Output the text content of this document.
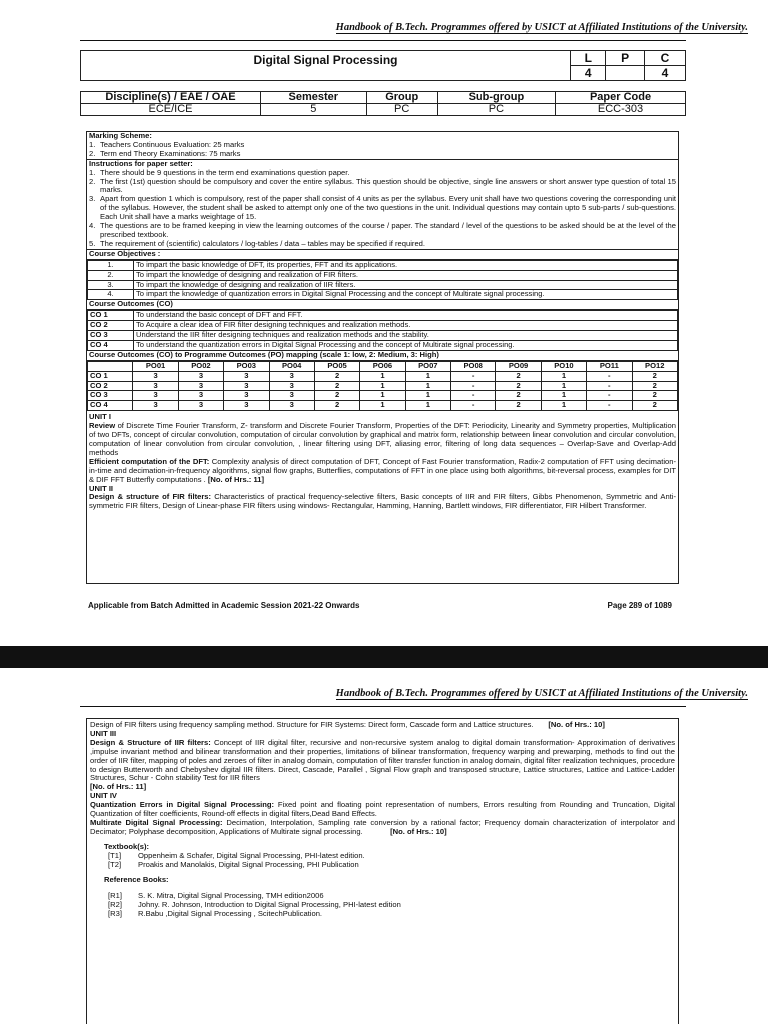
Handbook of B.Tech. Programmes offered by USICT at Affiliated Institutions of the University.
Digital Signal Processing	L	P	C
	4		4
Discipline(s) / EAE / OAE	Semester	Group	Sub-group	Paper Code
ECE/ICE	5	PC	PC	ECC-303
Marking Scheme:
1. Teachers Continuous Evaluation: 25 marks
2. Term end Theory Examinations: 75 marks
Instructions for paper setter:
1. There should be 9 questions in the term end examinations question paper.
2. The first (1st) question should be compulsory and cover the entire syllabus. This question should be objective, single line answers or short answer type question of total 15 marks.
3. Apart from question 1 which is compulsory, rest of the paper shall consist of 4 units as per the syllabus. Every unit shall have two questions covering the corresponding unit of the syllabus. However, the student shall be asked to attempt only one of the two questions in the unit. Individual questions may contain upto 5 sub-parts / sub-questions. Each Unit shall have a marks weightage of 15.
4. The questions are to be framed keeping in view the learning outcomes of the course / paper. The standard / level of the questions to be asked should be at the level of the prescribed textbook.
5. The requirement of (scientific) calculators / log-tables / data – tables may be specified if required.
Course Objectives :
1.	To impart the basic knowledge of DFT, its properties, FFT and its applications.
2.	To impart the knowledge of designing and realization of FIR filters.
3.	To impart the knowledge of designing and realization of IIR filters.
4.	To impart the knowledge of quantization errors in Digital Signal Processing and the concept of Multirate signal processing.
Course Outcomes (CO)
CO 1	To understand the basic concept of DFT and FFT.
CO 2	To Acquire a clear idea of FIR filter designing techniques and realization methods.
CO 3	Understand the IIR filter designing techniques and realization methods and the stability.
CO 4	To understand the quantization errors in Digital Signal Processing and the concept of Multirate signal processing.
Course Outcomes (CO) to Programme Outcomes (PO) mapping (scale 1: low, 2: Medium, 3: High)
	PO01	PO02	PO03	PO04	PO05	PO06	PO07	PO08	PO09	PO10	PO11	PO12
CO 1	3	3	3	3	2	1	1	-	2	1	-	2
CO 2	3	3	3	3	2	1	1	-	2	1	-	2
CO 3	3	3	3	3	2	1	1	-	2	1	-	2
CO 4	3	3	3	3	2	1	1	-	2	1	-	2
UNIT I
Review of Discrete Time Fourier Transform, Z- transform and Discrete Fourier Transform, Properties of the DFT: Periodicity, Linearity and Symmetry properties, Multiplication of two DFTs, concept of circular convolution, computation of circular convolution by graphical and matrix form, relationship between linear convolution and circular convolution, computation of linear convolution from circular convolution, , linear filtering using DFT, aliasing error, filtering of long data sequences – Overlap-Save and Overlap-Add methods
Efficient computation of the DFT: Complexity analysis of direct computation of DFT, Concept of Fast Fourier transformation, Radix-2 computation of FFT using decimation-in-time and decimation-in-frequency algorithms, signal flow graphs, Butterflies, computations of FFT in one place using both algorithms, bit-reversal process, examples for DIT & DIF FFT Butterfly computations . [No. of Hrs.: 11]
UNIT II
Design & structure of FIR filters: Characteristics of practical frequency-selective filters, Basic concepts of IIR and FIR filters, Gibbs Phenomenon, Symmetric and Anti-symmetric FIR filters, Design of Linear-phase FIR filters using windows- Rectangular, Hamming, Hanning, Bartlett windows, FIR differentiator, FIR Hilbert Transformer.
Applicable from Batch Admitted in Academic Session 2021-22 Onwards	Page 289 of 1089
Handbook of B.Tech. Programmes offered by USICT at Affiliated Institutions of the University.

Design of FIR filters using frequency sampling method. Structure for FIR Systems: Direct form, Cascade form and Lattice structures. [No. of Hrs.: 10]

UNIT III

Design & Structure of IIR filters: Concept of IIR digital filter, recursive and non-recursive system analog to digital domain transformation- Approximation of derivatives ,impulse invariant method and bilinear transformation and their properties, limitations of bilinear transformation, frequency warping and prewarping, methods to find out the order of IIR filter, mapping of poles and zeroes of filter in analog domain, computation of filter transfer function in analog domain, digital filter realization techniques, procedure to design Butterworth and Chebyshev digital IIR filters. Direct, Cascade, Parallel , Signal Flow graph and transposed structure, Lattice structures, Lattice and Lattice-Ladder Structures, Schur - Cohn stability Test for IIR filters

[No. of Hrs.: 11]

UNIT IV

Quantization Errors in Digital Signal Processing: Fixed point and floating point representation of numbers, Errors resulting from Rounding and Truncation, Digital Quantization of filter coefficients, Round-off effects in digital filters,Dead Band Effects.

Multirate Digital Signal Processing: Decimation, Interpolation, Sampling rate conversion by a rational factor; Frequency domain characterization of interpolator and Decimator; Polyphase decomposition, Applications of Multirate signal processing.	[No. of Hrs.: 10]

Textbook(s):
[T1]	Oppenheim & Schafer, Digital Signal Processing, PHI-latest edition.
[T2]	Proakis and Manolakis, Digital Signal Processing, PHI Publication
Reference Books:
[R1]	S. K. Mitra, Digital Signal Processing, TMH edition2006
[R2]	Johny. R. Johnson, Introduction to Digital Signal Processing, PHI-latest edition
[R3]	R.Babu ,Digital Signal Processing , ScitechPublication.
